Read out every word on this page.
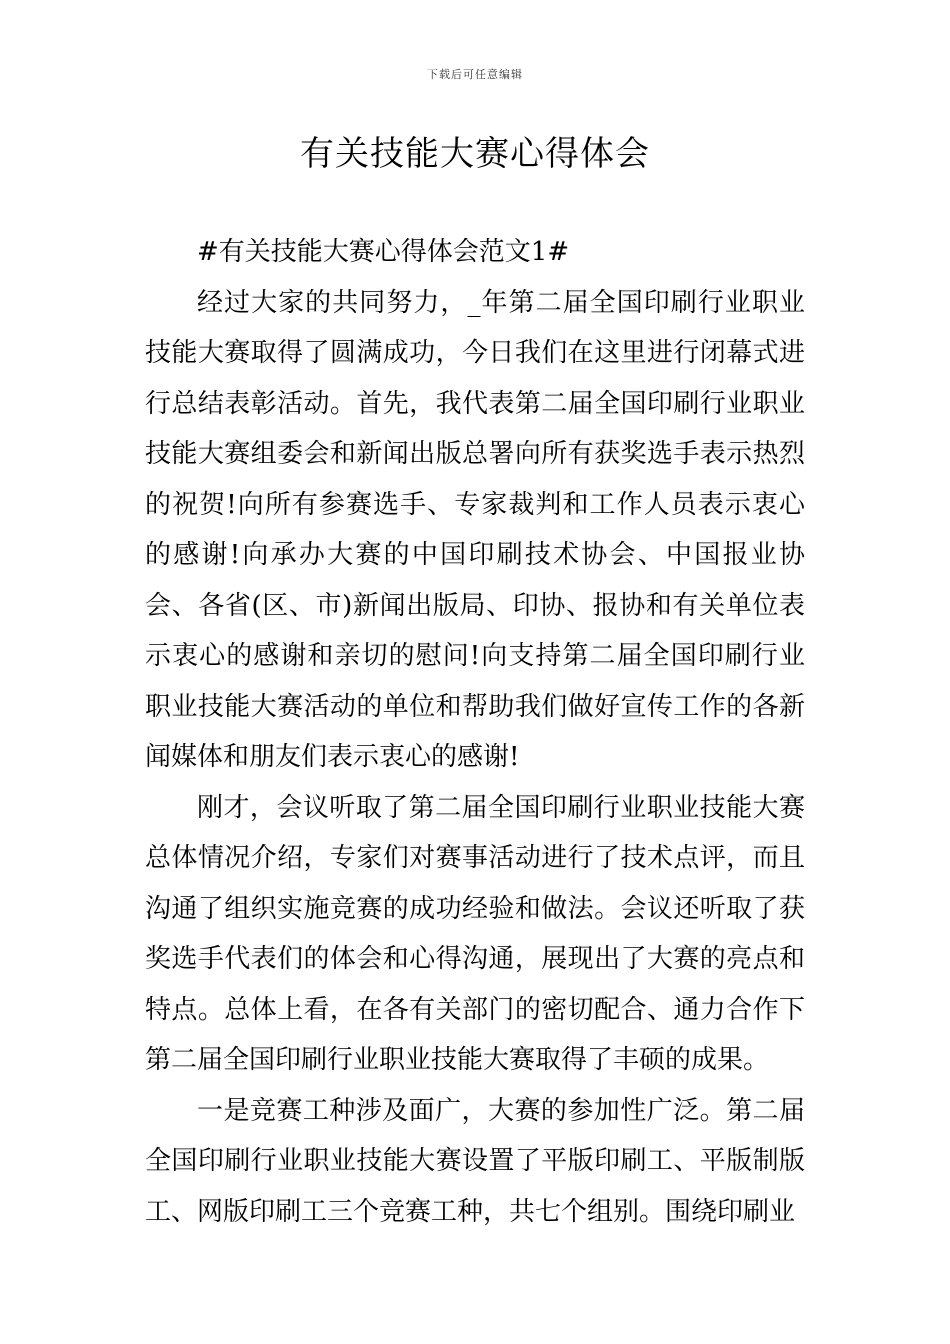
下载后可任意编辑
有关技能大赛心得体会

#有关技能大赛心得体会范文1#

经过大家的共同努力，_年第二届全国印刷行业职业技能大赛取得了圆满成功，今日我们在这里进行闭幕式进行总结表彰活动。首先，我代表第二届全国印刷行业职业技能大赛组委会和新闻出版总署向所有获奖选手表示热烈的祝贺!向所有参赛选手、专家裁判和工作人员表示衷心的感谢!向承办大赛的中国印刷技术协会、中国报业协会、各省(区、市)新闻出版局、印协、报协和有关单位表示衷心的感谢和亲切的慰问!向支持第二届全国印刷行业职业技能大赛活动的单位和帮助我们做好宣传工作的各新闻媒体和朋友们表示衷心的感谢!

刚才，会议听取了第二届全国印刷行业职业技能大赛总体情况介绍，专家们对赛事活动进行了技术点评，而且沟通了组织实施竞赛的成功经验和做法。会议还听取了获奖选手代表们的体会和心得沟通，展现出了大赛的亮点和特点。总体上看，在各有关部门的密切配合、通力合作下第二届全国印刷行业职业技能大赛取得了丰硕的成果。

一是竞赛工种涉及面广，大赛的参加性广泛。第二届全国印刷行业职业技能大赛设置了平版印刷工、平版制版工、网版印刷工三个竞赛工种，共七个组别。围绕印刷业
